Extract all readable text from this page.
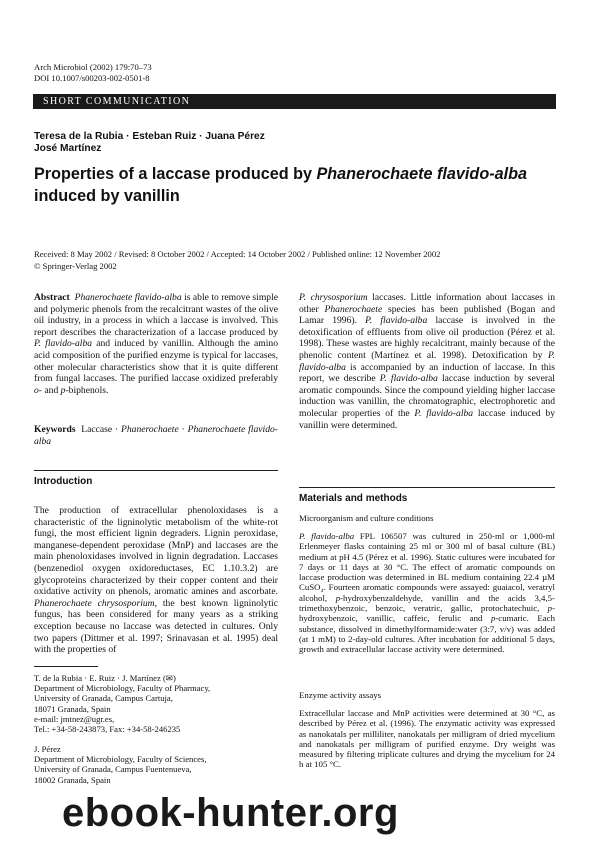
Arch Microbiol (2002) 179:70–73
DOI 10.1007/s00203-002-0501-8
SHORT COMMUNICATION
Teresa de la Rubia · Esteban Ruiz · Juana Pérez
José Martínez
Properties of a laccase produced by Phanerochaete flavido-alba
induced by vanillin
Received: 8 May 2002 / Revised: 8 October 2002 / Accepted: 14 October 2002 / Published online: 12 November 2002
© Springer-Verlag 2002
Abstract Phanerochaete flavido-alba is able to remove simple and polymeric phenols from the recalcitrant wastes of the olive oil industry, in a process in which a laccase is involved. This report describes the characterization of a laccase produced by P. flavido-alba and induced by vanillin. Although the amino acid composition of the purified enzyme is typical for laccases, other molecular characteristics show that it is quite different from fungal laccases. The purified laccase oxidized preferably o- and p-biphenols.
Keywords Laccase · Phanerochaete · Phanerochaete flavido-alba
Introduction
The production of extracellular phenoloxidases is a characteristic of the ligninolytic metabolism of the white-rot fungi, the most efficient lignin degraders. Lignin peroxidase, manganese-dependent peroxidase (MnP) and laccases are the main phenoloxidases involved in lignin degradation. Laccases (benzenediol oxygen oxidoreductases, EC 1.10.3.2) are glycoproteins characterized by their copper content and their oxidative activity on phenols, aromatic amines and ascorbate. Phanerochaete chrysosporium, the best known ligninolytic fungus, has been considered for many years as a striking exception because no laccase was detected in cultures. Only two papers (Dittmer et al. 1997; Srinavasan et al. 1995) deal with the properties of
P. chrysosporium laccases. Little information about laccases in other Phanerochaete species has been published (Bogan and Lamar 1996). P. flavido-alba laccase is involved in the detoxification of effluents from olive oil production (Pérez et al. 1998). These wastes are highly recalcitrant, mainly because of the phenolic content (Martínez et al. 1998). Detoxification by P. flavido-alba is accompanied by an induction of laccase. In this report, we describe P. flavido-alba laccase induction by several aromatic compounds. Since the compound yielding higher laccase induction was vanillin, the chromatographic, electrophoretic and molecular properties of the P. flavido-alba laccase induced by vanillin were determined.
Materials and methods
Microorganism and culture conditions
P. flavido-alba FPL 106507 was cultured in 250-ml or 1,000-ml Erlenmeyer flasks containing 25 ml or 300 ml of basal culture (BL) medium at pH 4.5 (Pérez et al. 1996). Static cultures were incubated for 7 days or 11 days at 30 °C. The effect of aromatic compounds on laccase production was determined in BL medium containing 22.4 µM CuSO₄. Fourteen aromatic compounds were assayed: guaiacol, veratryl alcohol, p-hydroxybenzaldehyde, vanillin and the acids 3,4,5-trimethoxybenzoic, benzoic, veratric, gallic, protochatechuic, p-hydroxybenzoic, vanillic, caffeic, ferulic and p-cumaric. Each substance, dissolved in dimethylformamide:water (3:7, v/v) was added (at 1 mM) to 2-day-old cultures. After incubation for additional 5 days, growth and extracellular laccase activity were determined.
Enzyme activity assays
Extracellular laccase and MnP activities were determined at 30 °C, as described by Pérez et al. (1996). The enzymatic activity was expressed as nanokatals per milliliter, nanokatals per milligram of dried mycelium and nanokatals per milligram of purified enzyme. Dry weight was measured by filtering triplicate cultures and drying the mycelium for 24 h at 105 °C.
T. de la Rubia · E. Ruiz · J. Martínez (✉)
Department of Microbiology, Faculty of Pharmacy,
University of Granada, Campus Cartuja,
18071 Granada, Spain
e-mail: jmtnez@ugr.es,
Tel.: +34-58-243873, Fax: +34-58-246235
J. Pérez
Department of Microbiology, Faculty of Sciences,
University of Granada, Campus Fuentenueva,
18002 Granada, Spain
ebook-hunter.org
